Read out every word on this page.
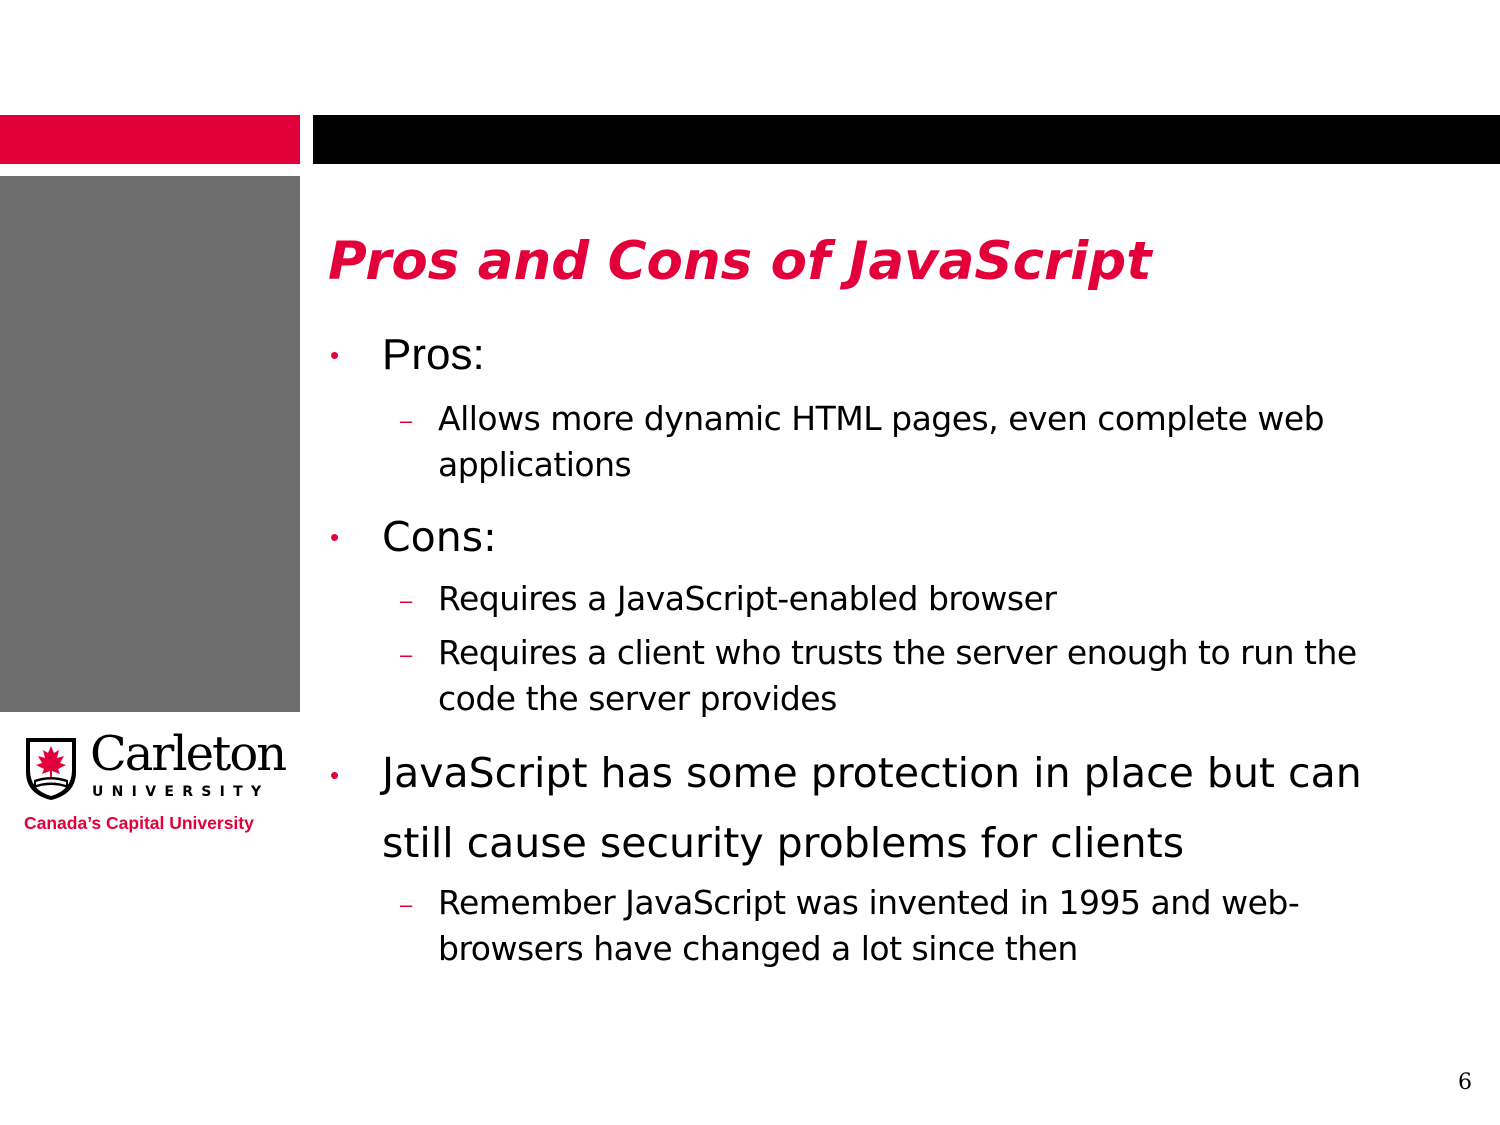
Carleton
UNIVERSITY
Canada’s Capital University
Pros and Cons of JavaScript
• Pros:
– Allows more dynamic HTML pages, even complete web applications
• Cons:
– Requires a JavaScript-enabled browser
– Requires a client who trusts the server enough to run the code the server provides
• JavaScript has some protection in place but can still cause security problems for clients
– Remember JavaScript was invented in 1995 and web-browsers have changed a lot since then
6
